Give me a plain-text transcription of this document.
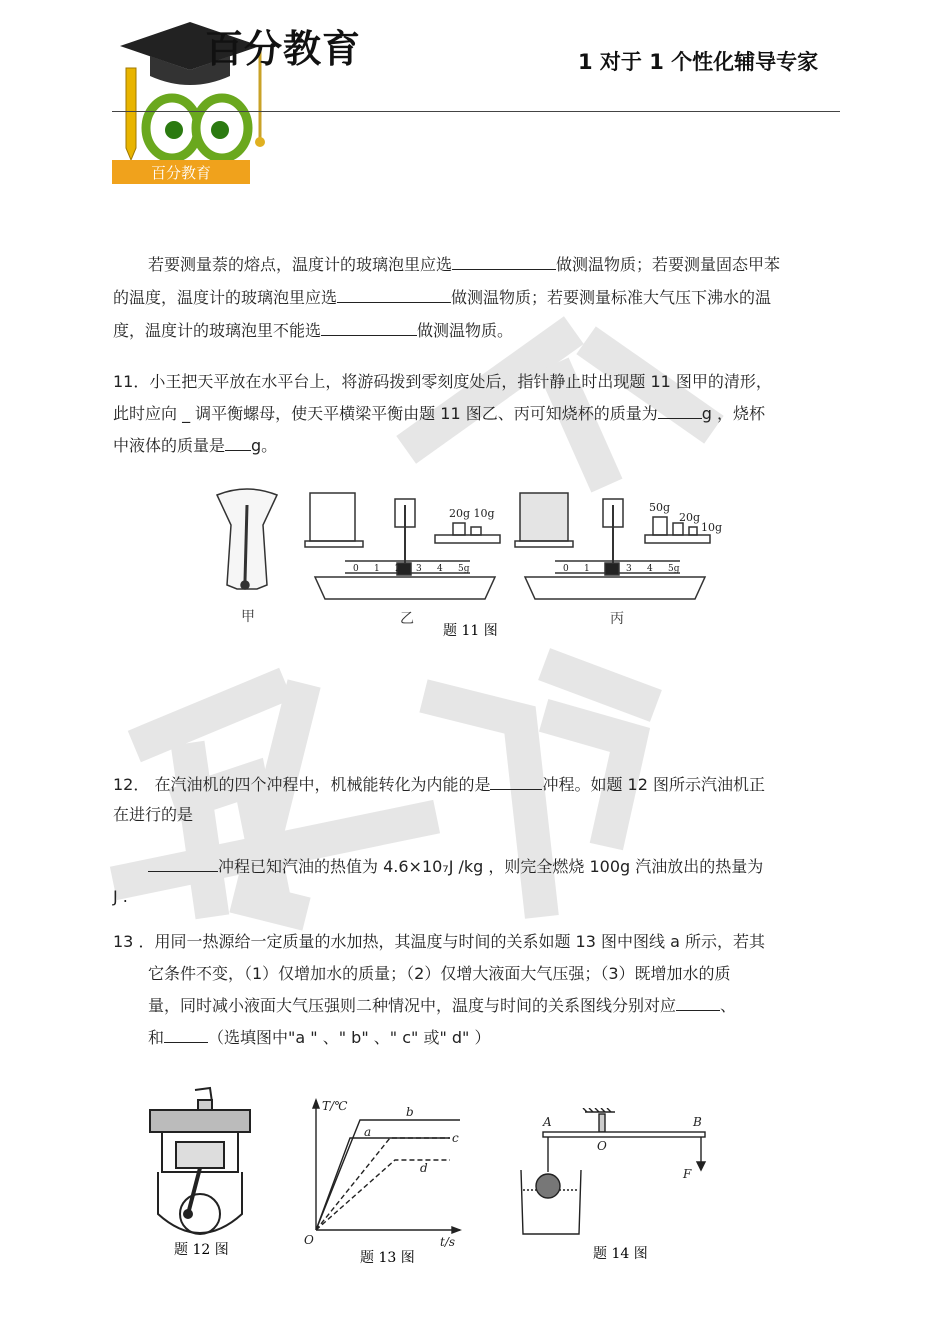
百分教育
百分教育	1 对于 1 个性化辅导专家
若要测量萘的熔点，温度计的玻璃泡里应选	做测温物质；若要测量固态甲苯
的温度，温度计的玻璃泡里应选	做测温物质；若要测量标准大气压下沸水的温
度，温度计的玻璃泡里不能选	做测温物质。
11．小王把天平放在水平台上，将游码拨到零刻度处后，指针静止时出现题 11 图甲的清形，
此时应向 _ 调平衡螺母，使天平横梁平衡由题 11 图乙、丙可知烧杯的质量为	g ，烧杯
中液体的质量是 g。
20g 10g	50g
20g
10g
0 1 2 3 4 5g	0 1 2 3 4 5g
甲	乙	丙
题 11 图
12． 在汽油机的四个冲程中，机械能转化为内能的是	冲程。如题 12 图所示汽油机正
在进行的是
冲程已知汽油的热值为 4.6×10₇J /kg ，则完全燃烧 100g 汽油放出的热量为
J .
13 ．用同一热源给一定质量的水加热，其温度与时间的关系如题 13 图中图线 a 所示，若其
它条件不变，（1）仅增加水的质量；（2）仅增大液面大气压强；（3）既增加水的质
量，同时减小液面大气压强则二种情况中，温度与时间的关系图线分别对应	、
和	（选填图中"a " 、" b" 、" c" 或" d" ）
题 12 图
T/℃
t/s
O
b
a	c
d
题 13 图
A	B
O
F
题 14 图
